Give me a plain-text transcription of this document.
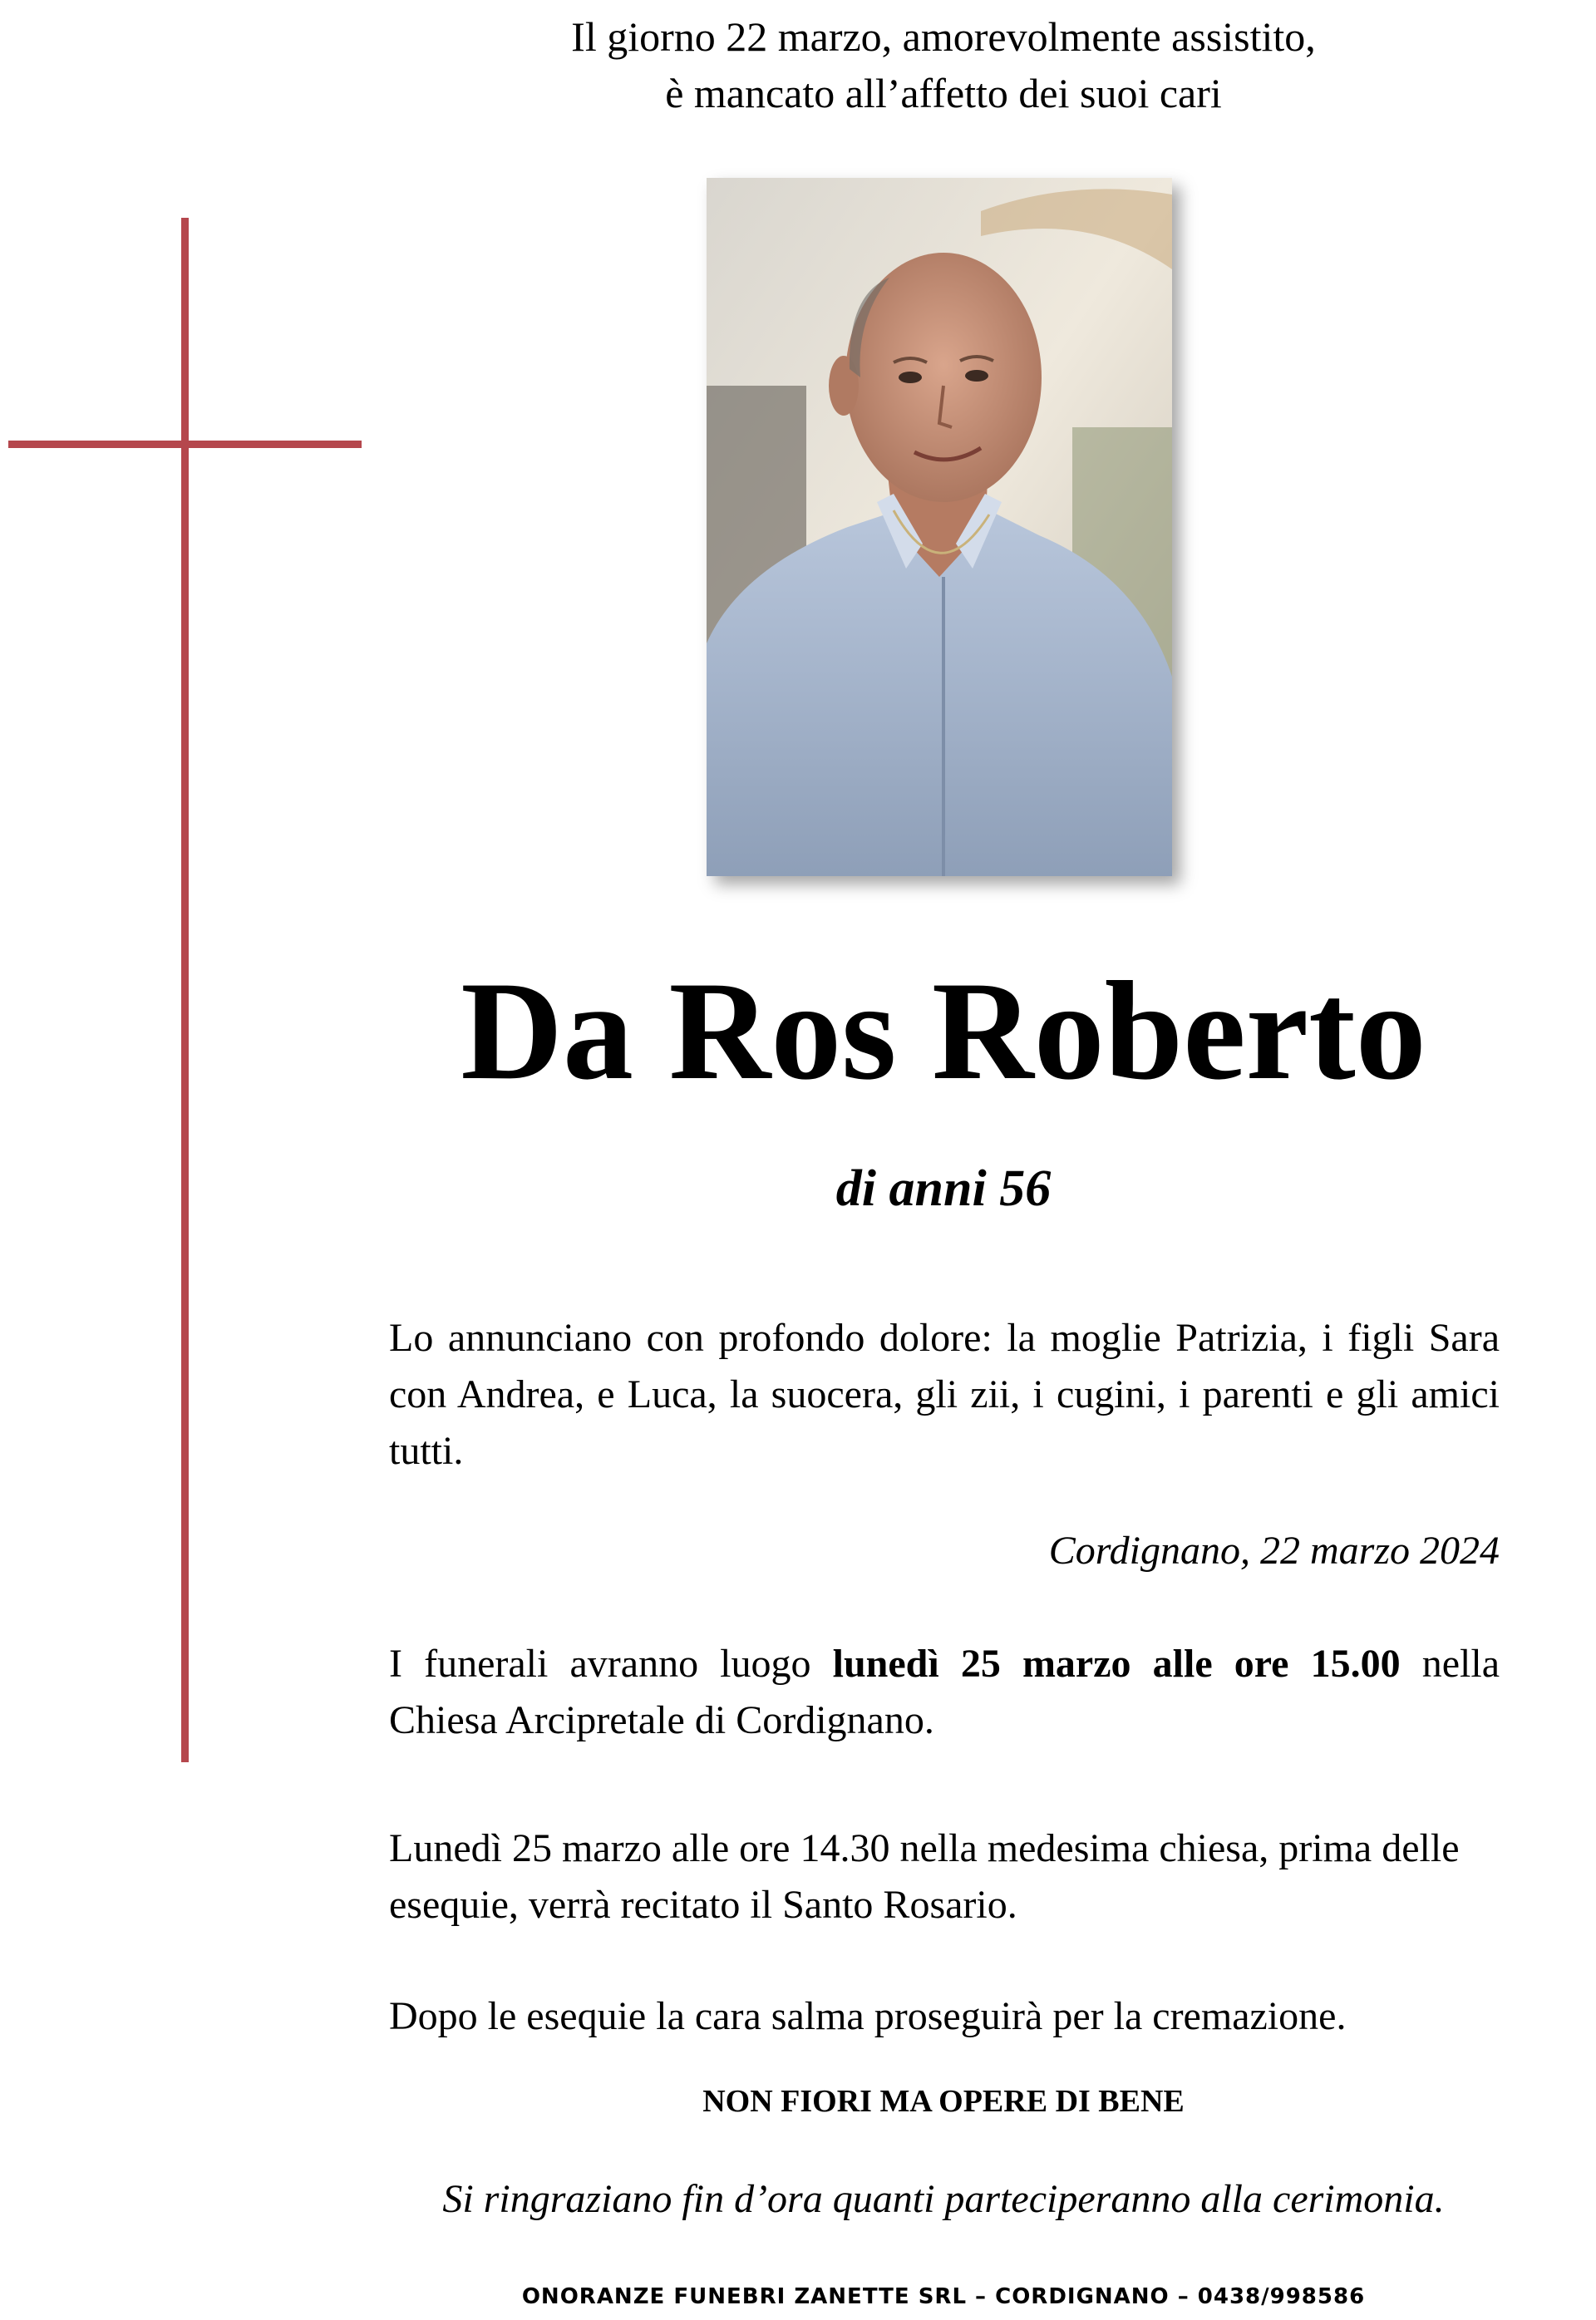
Il giorno 22 marzo, amorevolmente assistito,
è mancato all’affetto dei suoi cari
Da Ros Roberto
di anni 56
Lo annunciano con profondo dolore: la moglie Patrizia, i figli Sara con Andrea, e Luca, la suocera, gli zii, i cugini, i parenti e gli amici tutti.
Cordignano, 22 marzo 2024
I funerali avranno luogo lunedì 25 marzo alle ore 15.00 nella Chiesa Arcipretale di Cordignano.
Lunedì 25 marzo alle ore 14.30 nella medesima chiesa, prima delle esequie, verrà recitato il Santo Rosario.
Dopo le esequie la cara salma proseguirà per la cremazione.
NON FIORI MA OPERE DI BENE
Si ringraziano fin d’ora quanti parteciperanno alla cerimonia.
ONORANZE FUNEBRI ZANETTE SRL – CORDIGNANO – 0438/998586
